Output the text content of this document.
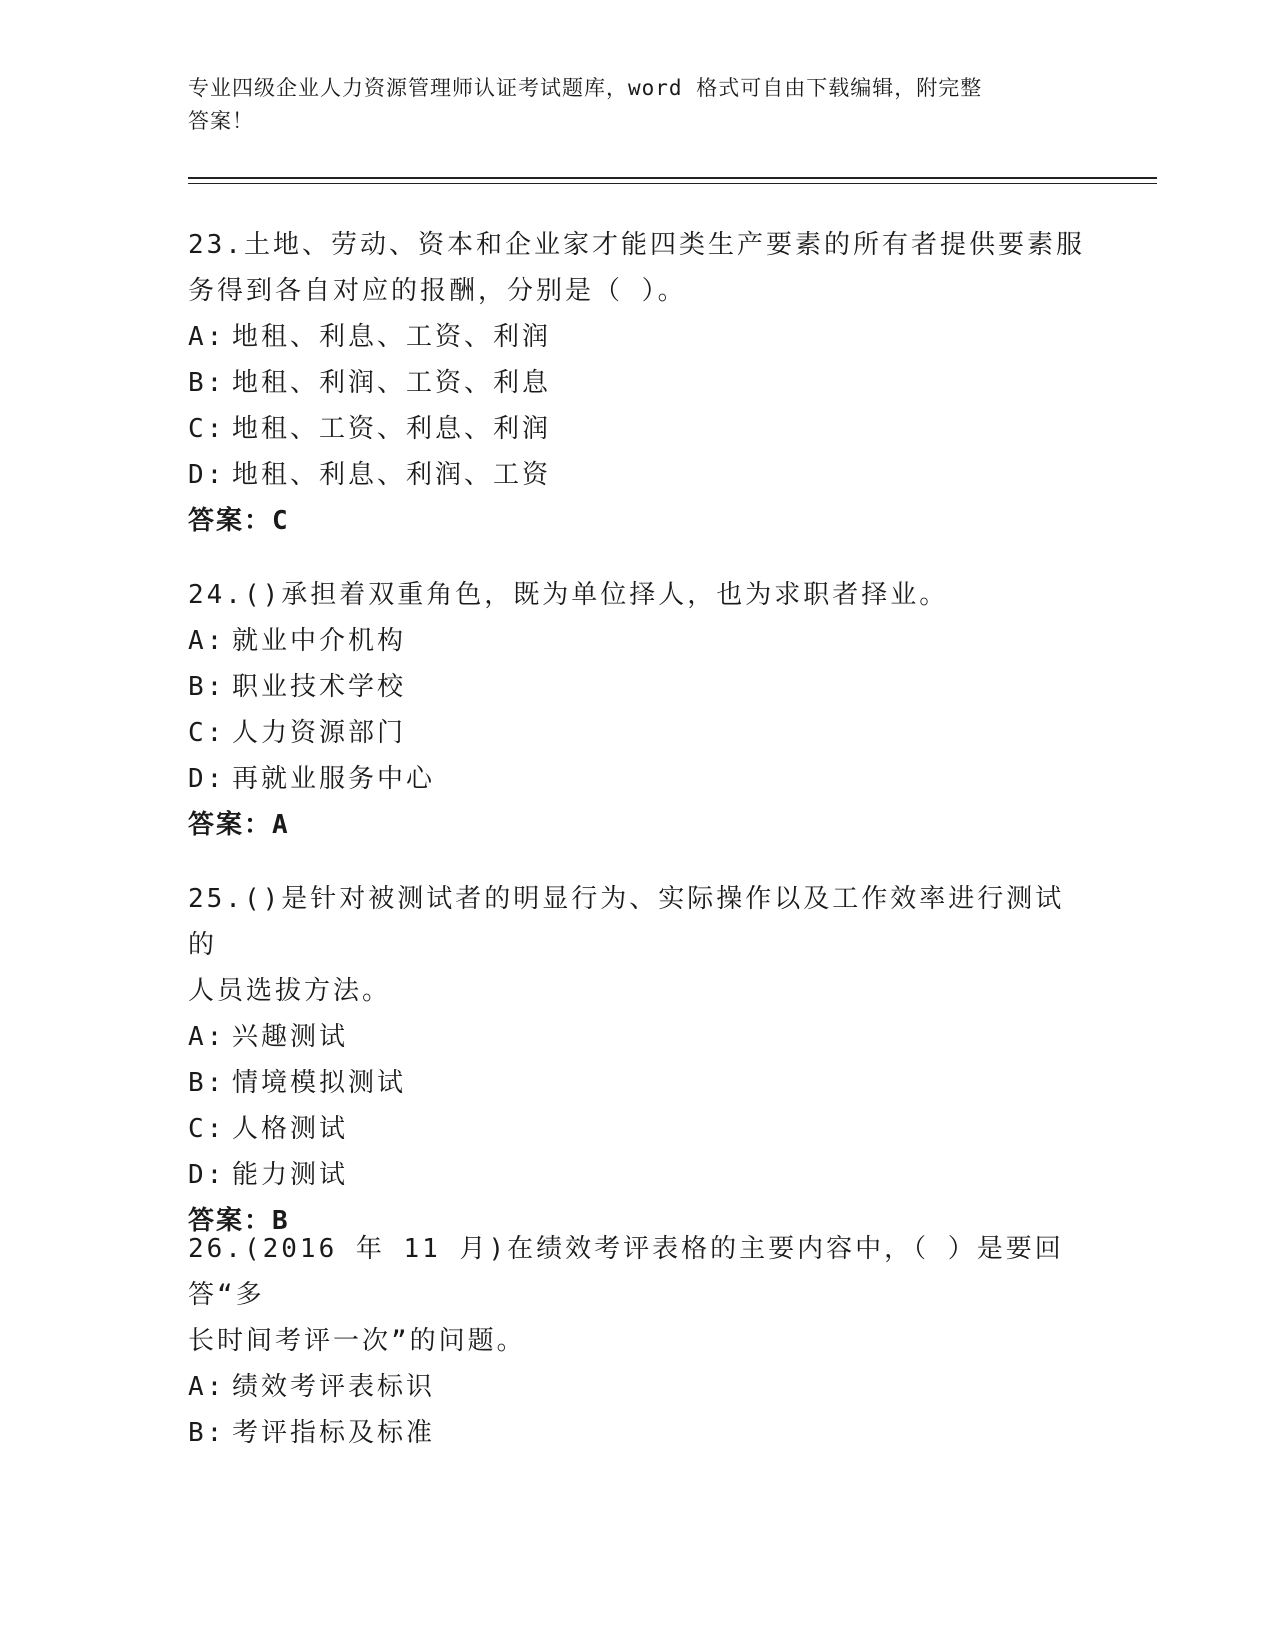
专业四级企业人力资源管理师认证考试题库，word 格式可自由下载编辑，附完整
答案！

23.土地、劳动、资本和企业家才能四类生产要素的所有者提供要素服

务得到各自对应的报酬，分别是（ ）。

A: 地租、利息、工资、利润
B: 地租、利润、工资、利息
C: 地租、工资、利息、利润
D: 地租、利息、利润、工资

答案：C

24.()承担着双重角色，既为单位择人，也为求职者择业。

A: 就业中介机构
B: 职业技术学校
C: 人力资源部门
D: 再就业服务中心

答案：A

25.()是针对被测试者的明显行为、实际操作以及工作效率进行测试的

人员选拔方法。

A: 兴趣测试
B: 情境模拟测试
C: 人格测试
D: 能力测试

答案：B

26.(2016 年 11 月)在绩效考评表格的主要内容中，（ ）是要回答“多

长时间考评一次”的问题。

A: 绩效考评表标识
B: 考评指标及标准
